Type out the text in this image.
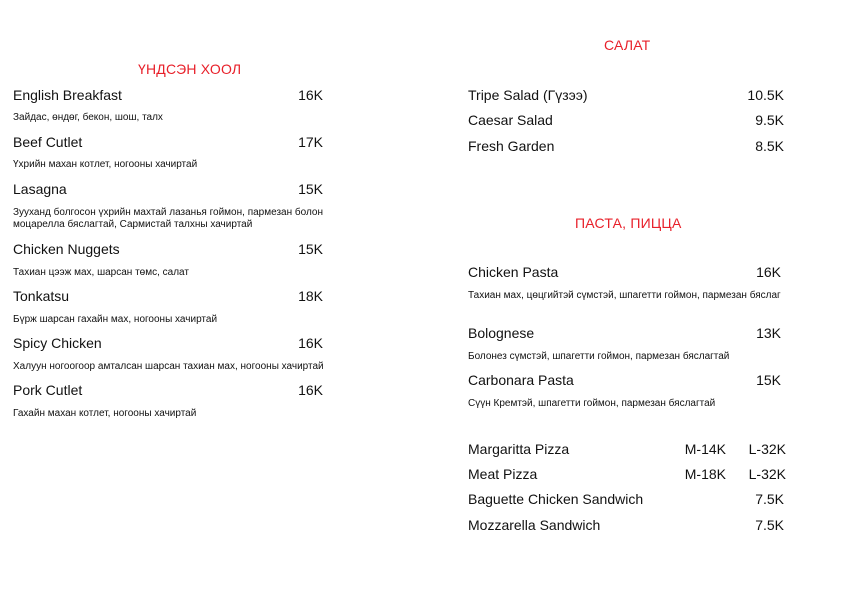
ҮНДСЭН ХООЛ
English Breakfast	16K
Зайдас, өндөг, бекон, шош, талх
Beef Cutlet	17K
Үхрийн махан котлет, ногооны хачиртай
Lasagna	15K
Зууханд болгосон үхрийн махтай лазанья гоймон, пармезан болон моцарелла бяслагтай, Сармистай талхны хачиртай
Chicken Nuggets	15K
Тахиан цээж мах, шарсан төмс, салат
Tonkatsu	18K
Бүрж шарсан гахайн мах, ногооны хачиртай
Spicy Chicken	16K
Халуун ногоогоор амталсан шарсан тахиан мах, ногооны хачиртай
Pork Cutlet	16K
Гахайн махан котлет, ногооны хачиртай
САЛАТ
Tripe Salad (Гүзээ)	10.5K
Caesar Salad	9.5K
Fresh Garden	8.5K
ПАСТА, ПИЦЦА
Chicken Pasta	16K
Тахиан мах, цөцгийтэй сүмстэй, шпагетти гоймон, пармезан бяслаг
Bolognese	13K
Болонез сүмстэй, шпагетти гоймон, пармезан бяслагтай
Carbonara Pasta	15K
Сүүн Кремтэй, шпагетти гоймон, пармезан бяслагтай
Margaritta Pizza	M-14K L-32K
Meat Pizza	M-18K L-32K
Baguette Chicken Sandwich	7.5K
Mozzarella Sandwich	7.5K
